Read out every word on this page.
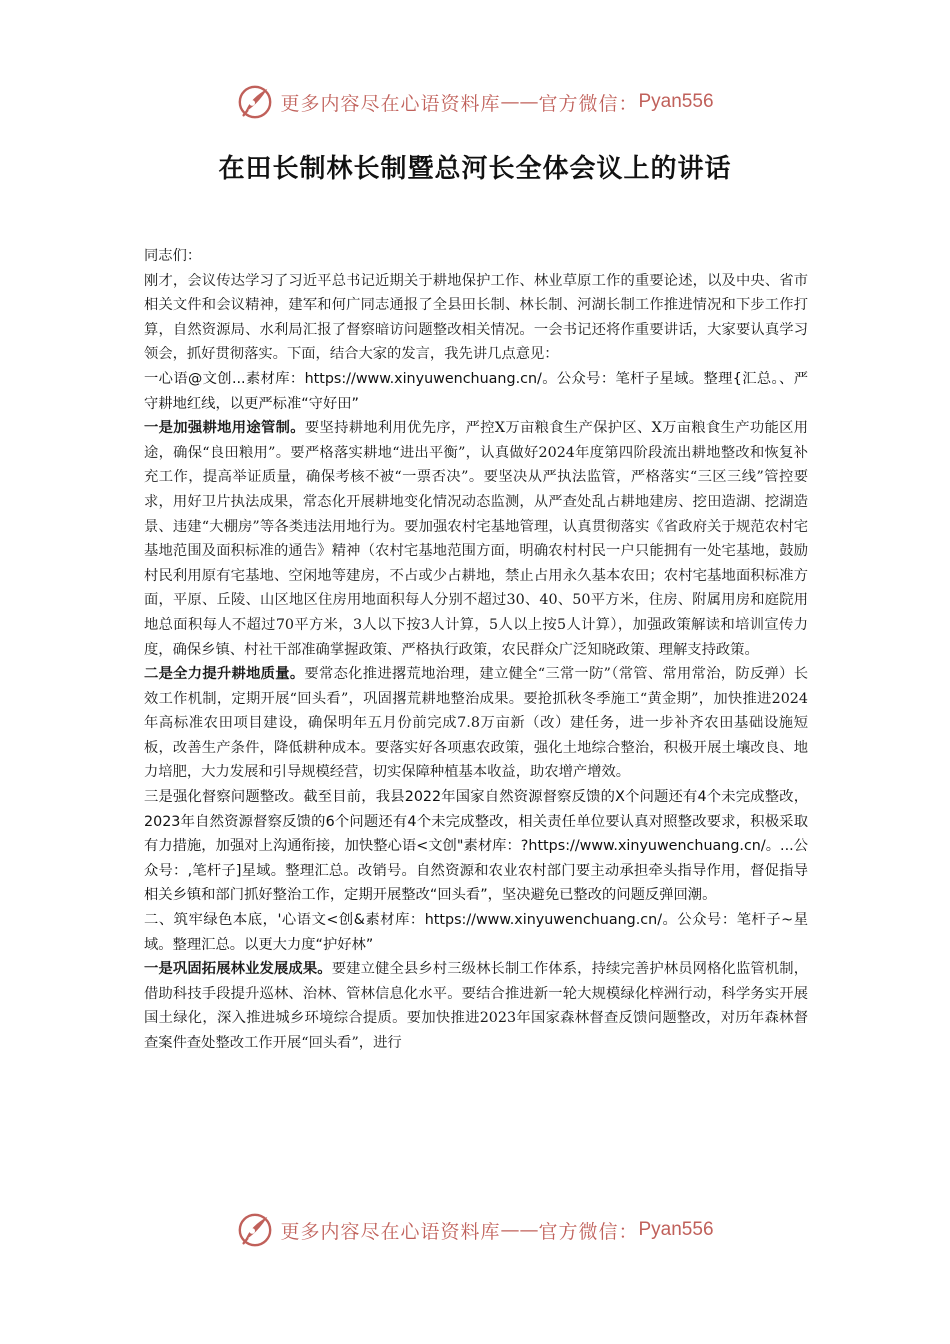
更多内容尽在心语资料库 —— 官方微信： Pyan556
在田长制林长制暨总河长全体会议上的讲话

同志们：

刚才，会议传达学习了习近平总书记近期关于耕地保护工作、林业草原工作的重要论述，以及中央、省市相关文件和会议精神，建军和何广同志通报了全县田长制、林长制、河湖长制工作推进情况和下步工作打算，自然资源局、水利局汇报了督察暗访问题整改相关情况。一会书记还将作重要讲话，大家要认真学习领会，抓好贯彻落实。下面，结合大家的发言，我先讲几点意见：

一心语@文创...素材库：https://www.xinyuwenchuang.cn/。公众号：笔杆子星域。整理{汇总。、严守耕地红线，以更严标准“守好田”

一是加强耕地用途管制。要坚持耕地利用优先序，严控X万亩粮食生产保护区、X万亩粮食生产功能区用途，确保“良田粮用”。要严格落实耕地“进出平衡”，认真做好2024年度第四阶段流出耕地整改和恢复补充工作，提高举证质量，确保考核不被“一票否决”。要坚决从严执法监管，严格落实“三区三线”管控要求，用好卫片执法成果，常态化开展耕地变化情况动态监测，从严查处乱占耕地建房、挖田造湖、挖湖造景、违建“大棚房”等各类违法用地行为。要加强农村宅基地管理，认真贯彻落实《省政府关于规范农村宅基地范围及面积标准的通告》精神（农村宅基地范围方面，明确农村村民一户只能拥有一处宅基地，鼓励村民利用原有宅基地、空闲地等建房，不占或少占耕地，禁止占用永久基本农田；农村宅基地面积标准方面，平原、丘陵、山区地区住房用地面积每人分别不超过30、40、50平方米，住房、附属用房和庭院用地总面积每人不超过70平方米，3人以下按3人计算，5人以上按5人计算），加强政策解读和培训宣传力度，确保乡镇、村社干部准确掌握政策、严格执行政策，农民群众广泛知晓政策、理解支持政策。

二是全力提升耕地质量。要常态化推进撂荒地治理，建立健全“三常一防”（常管、常用常治，防反弹）长效工作机制，定期开展“回头看”，巩固撂荒耕地整治成果。要抢抓秋冬季施工“黄金期”，加快推进2024年高标准农田项目建设，确保明年五月份前完成7.8万亩新（改）建任务，进一步补齐农田基础设施短板，改善生产条件，降低耕种成本。要落实好各项惠农政策，强化土地综合整治，积极开展土壤改良、地力培肥，大力发展和引导规模经营，切实保障种植基本收益，助农增产增效。

三是强化督察问题整改。截至目前，我县2022年国家自然资源督察反馈的X个问题还有4个未完成整改，2023年自然资源督察反馈的6个问题还有4个未完成整改，相关责任单位要认真对照整改要求，积极采取有力措施，加强对上沟通衔接，加快整心语<文创"素材库：?https://www.xinyuwenchuang.cn/。...公众号：,笔杆子]星域。整理汇总。改销号。自然资源和农业农村部门要主动承担牵头指导作用，督促指导相关乡镇和部门抓好整治工作，定期开展整改“回头看”，坚决避免已整改的问题反弹回潮。

二、筑牢绿色本底，'心语文<创&素材库：https://www.xinyuwenchuang.cn/。公众号：笔杆子~星域。整理汇总。以更大力度“护好林”

一是巩固拓展林业发展成果。要建立健全县乡村三级林长制工作体系，持续完善护林员网格化监管机制，借助科技手段提升巡林、治林、管林信息化水平。要结合推进新一轮大规模绿化梓洲行动，科学务实开展国土绿化，深入推进城乡环境综合提质。要加快推进2023年国家森林督查反馈问题整改，对历年森林督查案件查处整改工作开展“回头看”，进行

更多内容尽在心语资料库 —— 官方微信： Pyan556
